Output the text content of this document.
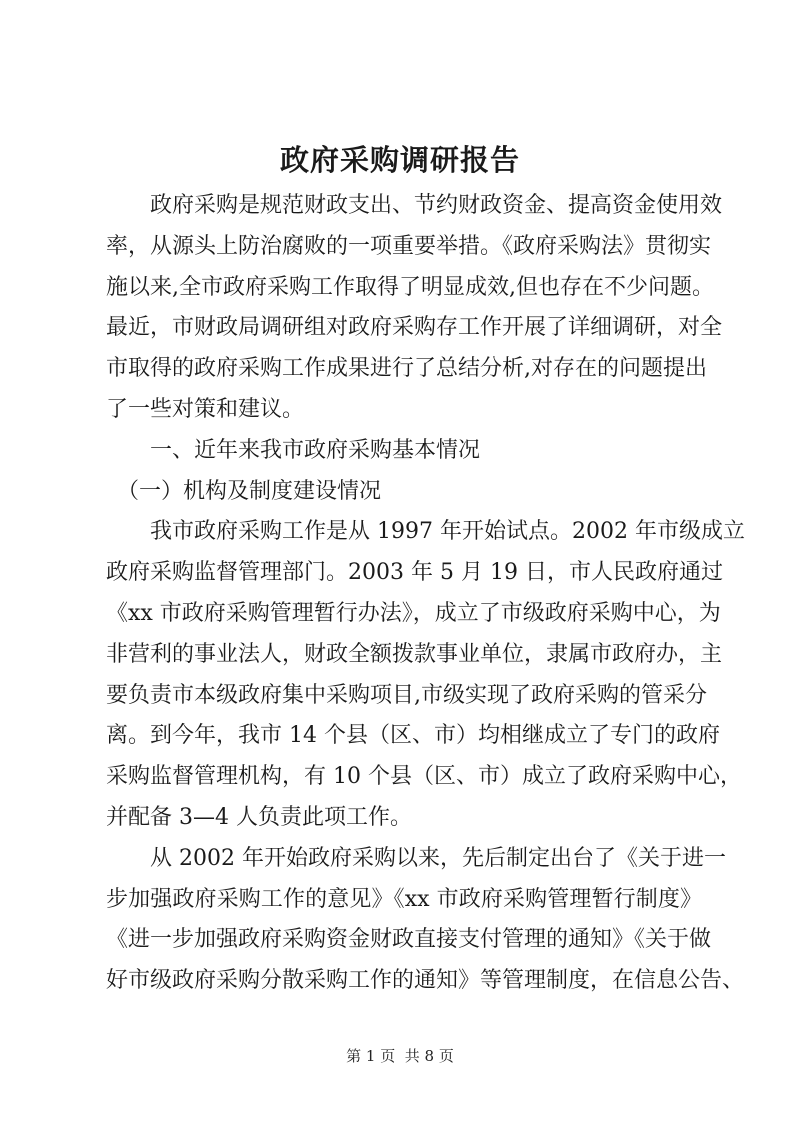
政府采购调研报告
　　政府采购是规范财政支出、节约财政资金、提高资金使用效
率，从源头上防治腐败的一项重要举措。《政府采购法》贯彻实
施以来,全市政府采购工作取得了明显成效,但也存在不少问题。
最近，市财政局调研组对政府采购存工作开展了详细调研，对全
市取得的政府采购工作成果进行了总结分析,对存在的问题提出
了一些对策和建议。
　　一、近年来我市政府采购基本情况
　（一）机构及制度建设情况
　　我市政府采购工作是从 1997 年开始试点。2002 年市级成立
政府采购监督管理部门。2003 年 5 月 19 日，市人民政府通过
《xx 市政府采购管理暂行办法》，成立了市级政府采购中心，为
非营利的事业法人，财政全额拨款事业单位，隶属市政府办，主
要负责市本级政府集中采购项目,市级实现了政府采购的管采分
离。到今年，我市 14 个县（区、市）均相继成立了专门的政府
采购监督管理机构，有 10 个县（区、市）成立了政府采购中心，
并配备 3—4 人负责此项工作。
　　从 2002 年开始政府采购以来，先后制定出台了《关于进一
步加强政府采购工作的意见》《xx 市政府采购管理暂行制度》
《进一步加强政府采购资金财政直接支付管理的通知》《关于做
好市级政府采购分散采购工作的通知》等管理制度，在信息公告、
第 1 页  共 8 页
